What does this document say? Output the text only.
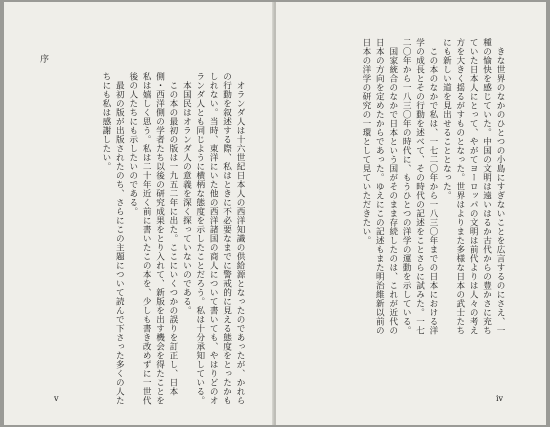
序

オランダ人は十六世紀日本人の西洋知識の供給源となったのであったが、かれらの行動を叙述する際、私はときに不必要なまでに警戒的に見える態度をとったかもしれない。当時、東洋にいた他の西洋諸国の商人について書いても、やはりどのオランダ人とも同じように横柄な態度を示したことだろう。私は十分承知している。

本国民はオランダ人の意義を深く探っていないのである。

この本の最初の版は一九五二年に出た。ここにいくつかの誤りを訂正し、日本側・西洋側の学者たち以後の研究成果をとり入れて、新版を出す機会を得たことを私は嬉しく思う。私は二十年近く前に書いたこの本を、少しも書き改めずに一世代後の人たちにも示したいのである。

最初の版が出版されたのち、さらにこの主題について読んで下さった多くの人たちにも私は感謝したい。

v

きな世界のなかのひとつの小島にすぎないことを広言するのにさえ、一種の愉快を感じていた。中国の文明は遠いはるか古代からの豊かさに充ちていた日本人にとって、やがてヨーロッパの文明は前代よりは人々の考え方を大きく揺るがすものとなった。世界はよりまた多様な日本の武士たちにも新しい道を見出せることとなった。

この本のなかで私は、一七二〇年から一八三〇年までの日本における洋学の成長とその行動を述べて、その時代の記述をことさらに試みた。一七二〇年から一八三〇年の時代に、もうひとつの洋学の運動を示している。

国家統合のなかで日本という国がそのまま存続したのは、これが近代の日本の方向を定めたからであった。ゆえにこの記述もまた明治維新以前の日本の洋学の研究の一環として見ていただきたい。

iv
